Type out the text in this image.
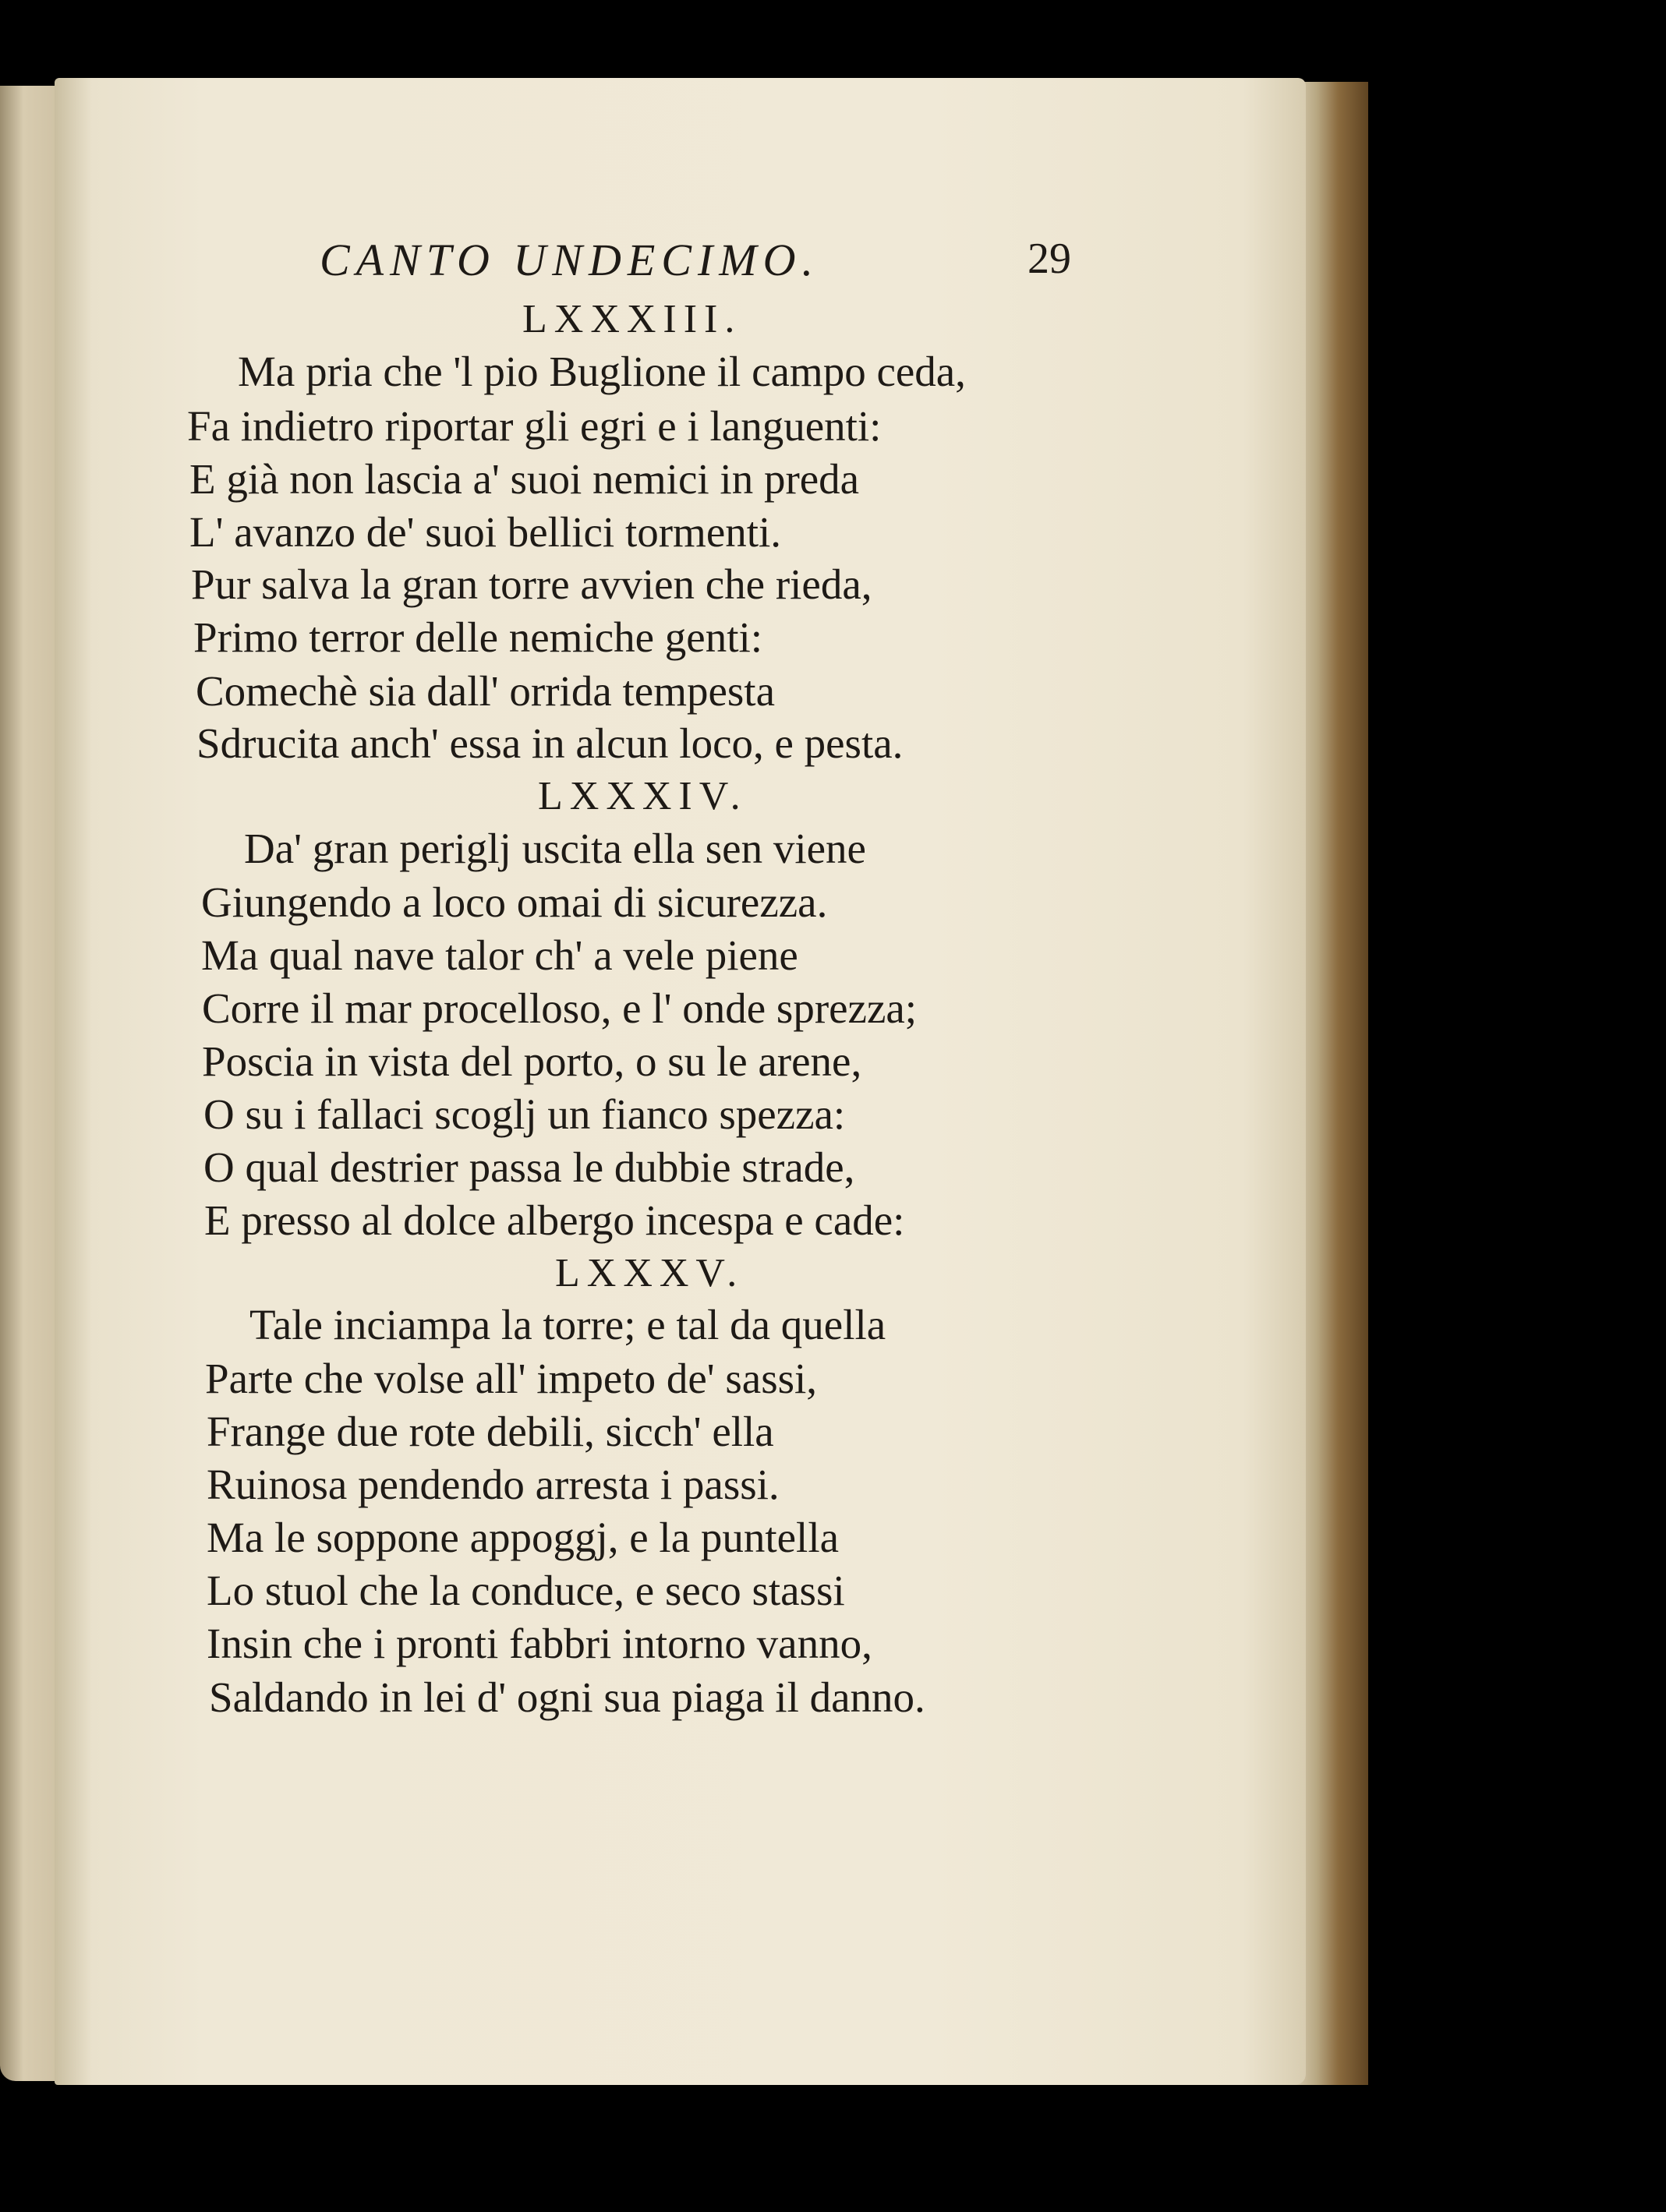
CANTO UNDECIMO.	29
LXXXIII.
Ma pria che 'l pio Buglione il campo ceda,
Fa indietro riportar gli egri e i languenti:
E già non lascia a' suoi nemici in preda
L' avanzo de' suoi bellici tormenti.
Pur salva la gran torre avvien che rieda,
Primo terror delle nemiche genti:
Comechè sia dall' orrida tempesta
Sdrucita anch' essa in alcun loco, e pesta.
LXXXIV.
Da' gran periglj uscita ella sen viene
Giungendo a loco omai di sicurezza.
Ma qual nave talor ch' a vele piene
Corre il mar procelloso, e l' onde sprezza;
Poscia in vista del porto, o su le arene,
O su i fallaci scoglj un fianco spezza:
O qual destrier passa le dubbie strade,
E presso al dolce albergo incespa e cade:
LXXXV.
Tale inciampa la torre; e tal da quella
Parte che volse all' impeto de' sassi,
Frange due rote debili, sicch' ella
Ruinosa pendendo arresta i passi.
Ma le soppone appoggj, e la puntella
Lo stuol che la conduce, e seco stassi
Insin che i pronti fabbri intorno vanno,
Saldando in lei d' ogni sua piaga il danno.
